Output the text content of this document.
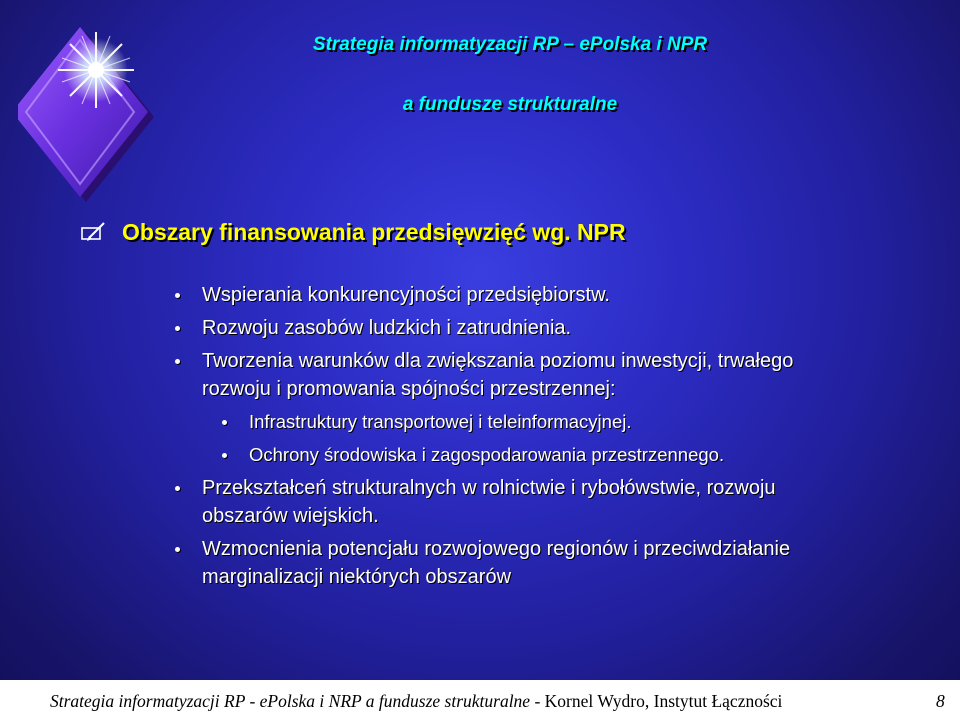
Strategia informatyzacji RP – ePolska i NPR
a fundusze strukturalne
Obszary finansowania przedsięwzięć wg. NPR
Wspierania konkurencyjności przedsiębiorstw.
Rozwoju zasobów ludzkich i zatrudnienia.
Tworzenia warunków dla zwiększania poziomu inwestycji, trwałego rozwoju i promowania spójności przestrzennej:
Infrastruktury transportowej i teleinformacyjnej.
Ochrony środowiska i zagospodarowania przestrzennego.
Przekształceń strukturalnych w rolnictwie i rybołówstwie, rozwoju obszarów wiejskich.
Wzmocnienia potencjału rozwojowego regionów i przeciwdziałanie marginalizacji niektórych obszarów
Strategia informatyzacji RP - ePolska i NRP a fundusze strukturalne - Kornel Wydro, Instytut Łączności	8
